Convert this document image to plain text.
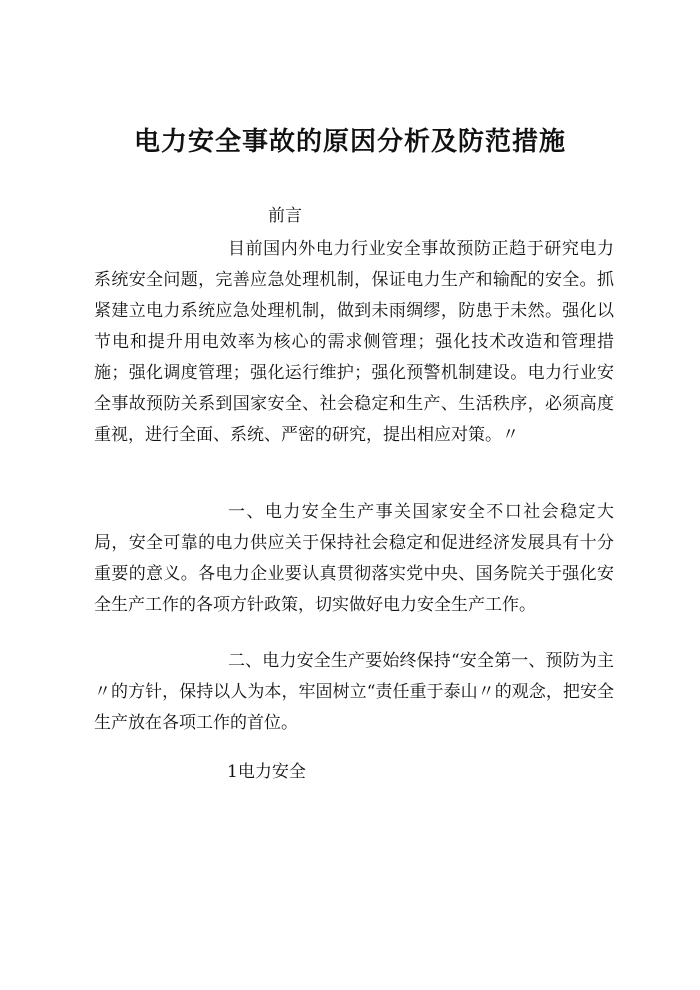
电力安全事故的原因分析及防范措施

前言

目前国内外电力行业安全事故预防正趋于研究电力系统安全问题，完善应急处理机制，保证电力生产和输配的安全。抓紧建立电力系统应急处理机制，做到未雨绸缪，防患于未然。强化以节电和提升用电效率为核心的需求侧管理；强化技术改造和管理措施；强化调度管理；强化运行维护；强化预警机制建设。电力行业安全事故预防关系到国家安全、社会稳定和生产、生活秩序，必须高度重视，进行全面、系统、严密的研究，提出相应对策。〃

一、电力安全生产事关国家安全不口社会稳定大局，安全可靠的电力供应关于保持社会稳定和促进经济发展具有十分重要的意义。各电力企业要认真贯彻落实党中央、国务院关于强化安全生产工作的各项方针政策，切实做好电力安全生产工作。

二、电力安全生产要始终保持“安全第一、预防为主〃的方针，保持以人为本，牢固树立“责任重于泰山〃的观念，把安全生产放在各项工作的首位。

1电力安全
